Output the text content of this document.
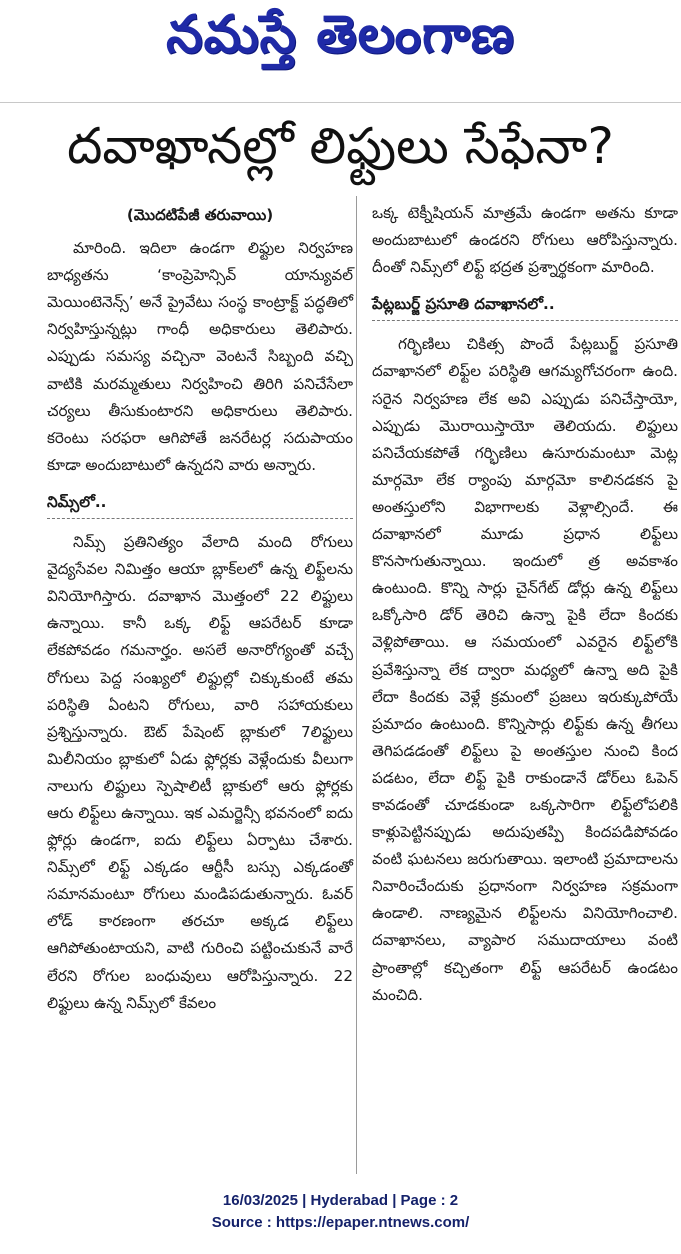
నమస్తే తెలంగాణ
దవాఖానల్లో లిఫ్టులు సేఫేనా?
(మొదటిపేజీ తరువాయి)

మారింది. ఇదిలా ఉండగా లిఫ్టుల నిర్వహణ బాధ్యతను ‘కాంప్రెహెన్సివ్ యాన్యువల్ మెయింటెనెన్స్’ అనే ప్రైవేటు సంస్థ కాంట్రాక్ట్ పద్ధతిలో నిర్వహిస్తున్నట్లు గాంధీ అధికారులు తెలిపారు. ఎప్పుడు సమస్య వచ్చినా వెంటనే సిబ్బంది వచ్చి వాటికి మరమ్మతులు నిర్వహించి తిరిగి పనిచేసేలా చర్యలు తీసుకుంటారని అధికారులు తెలిపారు. కరెంటు సరఫరా ఆగిపోతే జనరేటర్ల సదుపాయం కూడా అందుబాటులో ఉన్నదని వారు అన్నారు.

నిమ్స్‌లో..

నిమ్స్ ప్రతినిత్యం వేలాది మంది రోగులు వైద్యసేవల నిమిత్తం ఆయా బ్లాక్‌లలో ఉన్న లిఫ్ట్‌లను వినియోగిస్తారు. దవాఖాన మొత్తంలో 22 లిఫ్టులు ఉన్నాయి. కానీ ఒక్క లిఫ్ట్ ఆపరేటర్ కూడా లేకపోవడం గమనార్హం. అసలే అనారోగ్యంతో వచ్చే రోగులు పెద్ద సంఖ్యలో లిఫ్టుల్లో చిక్కుకుంటే తమ పరిస్థితి ఏంటని రోగులు, వారి సహాయకులు ప్రశ్నిస్తున్నారు. ఔట్ పేషెంట్ బ్లాకులో 7లిఫ్టులు మిలీనియం బ్లాకులో ఏడు ఫ్లోర్లకు వెళ్లేందుకు వీలుగా నాలుగు లిఫ్టులు స్పెషాలిటీ బ్లాకులో ఆరు ఫ్లోర్లకు ఆరు లిఫ్ట్‌లు ఉన్నాయి. ఇక ఎమర్జెన్సీ భవనంలో ఐదు ఫ్లోర్లు ఉండగా, ఐదు లిఫ్ట్‌లు ఏర్పాటు చేశారు. నిమ్స్‌లో లిఫ్ట్ ఎక్కడం ఆర్టీసీ బస్సు ఎక్కడంతో సమానమంటూ రోగులు మండిపడుతున్నారు. ఓవర్ లోడ్ కారణంగా తరచూ అక్కడ లిఫ్ట్‌లు ఆగిపోతుంటాయని, వాటి గురించి పట్టించుకునే వారే లేరని రోగుల బంధువులు ఆరోపిస్తున్నారు. 22 లిఫ్టులు ఉన్న నిమ్స్‌లో కేవలం

ఒక్క టెక్నీషియన్ మాత్రమే ఉండగా అతను కూడా అందుబాటులో ఉండరని రోగులు ఆరోపిస్తున్నారు. దీంతో నిమ్స్‌లో లిఫ్ట్ భద్రత ప్రశ్నార్థకంగా మారింది.

పేట్లబుర్జ్ ప్రసూతి దవాఖానలో..

గర్భిణిలు చికిత్స పొందే పేట్లబుర్జ్ ప్రసూతి దవాఖానలో లిఫ్ట్‌ల పరిస్థితి ఆగమ్యగోచరంగా ఉంది. సరైన నిర్వహణ లేక అవి ఎప్పుడు పనిచేస్తాయో, ఎప్పుడు మొరాయిస్తాయో తెలియదు. లిఫ్టులు పనిచేయకపోతే గర్భిణిలు ఉసూరుమంటూ మెట్ల మార్గమో లేక ర్యాంపు మార్గమో కాలినడకన పై అంతస్తులోని విభాగాలకు వెళ్లాల్సిందే. ఈ దవాఖానలో మూడు ప్రధాన లిఫ్ట్‌లు కొనసాగుతున్నాయి. ఇందులో త్ర అవకాశం ఉంటుంది. కొన్ని సార్లు చైన్‌గేట్ డోర్లు ఉన్న లిఫ్ట్‌లు ఒక్కోసారి డోర్ తెరిచి ఉన్నా పైకి లేదా కిందకు వెళ్లిపోతాయి. ఆ సమయంలో ఎవరైన లిఫ్ట్‌లోకి ప్రవేశిస్తున్నా లేక ద్వారా మధ్యలో ఉన్నా అది పైకి లేదా కిందకు వెళ్లే క్రమంలో ప్రజలు ఇరుక్కుపోయే ప్రమాదం ఉంటుంది. కొన్నిసార్లు లిఫ్ట్‌కు ఉన్న తీగలు తెగిపడడంతో లిఫ్ట్‌లు పై అంతస్తుల నుంచి కింద పడటం, లేదా లిఫ్ట్ పైకి రాకుండానే డోర్‌లు ఓపెన్ కావడంతో చూడకుండా ఒక్కసారిగా లిఫ్ట్‌లోపలికి కాళ్లుపెట్టినప్పుడు అదుపుతప్పి కిందపడిపోవడం వంటి ఘటనలు జరుగుతాయి. ఇలాంటి ప్రమాదాలను నివారించేందుకు ప్రధానంగా నిర్వహణ సక్రమంగా ఉండాలి. నాణ్యమైన లిఫ్ట్‌లను వినియోగించాలి. దవాఖానలు, వ్యాపార సముదాయాలు వంటి ప్రాంతాల్లో కచ్చితంగా లిఫ్ట్ ఆపరేటర్ ఉండటం మంచిది.

16/03/2025 | Hyderabad | Page : 2
Source : https://epaper.ntnews.com/
